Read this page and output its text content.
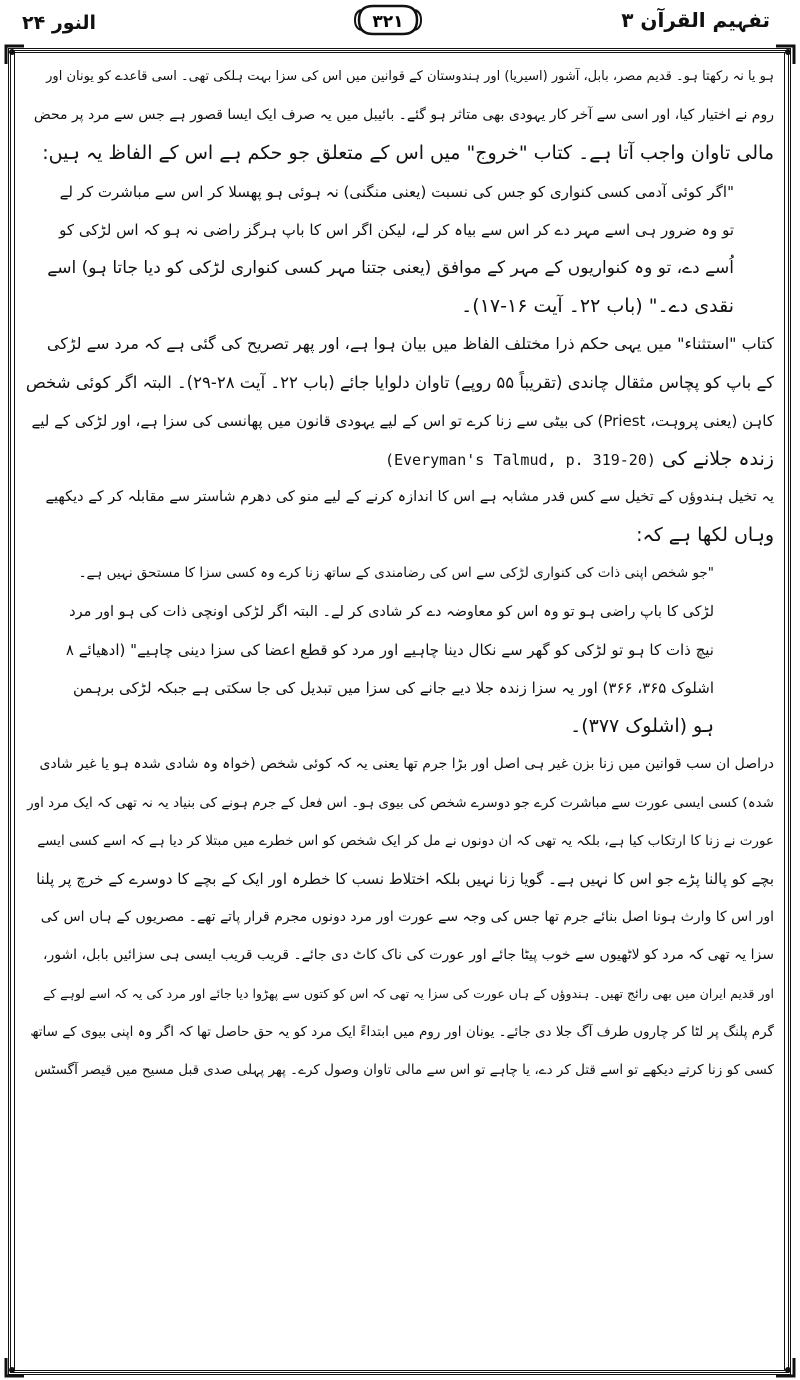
النور ۲۴	۳۲۱	تفہیم القرآن ۳
ہو یا نہ رکھتا ہو۔ قدیم مصر، بابل، آشور (اسیریا) اور ہندوستان کے قوانین میں اس کی سزا بہت ہلکی تھی۔ اسی قاعدے کو یونان اور
روم نے اختیار کیا، اور اسی سے آخر کار یہودی بھی متاثر ہو گئے۔ بائیبل میں یہ صرف ایک ایسا قصور ہے جس سے مرد پر محض
مالی تاوان واجب آتا ہے۔ کتاب "خروج" میں اس کے متعلق جو حکم ہے اس کے الفاظ یہ ہیں:
"اگر کوئی آدمی کسی کنواری کو جس کی نسبت (یعنی منگنی) نہ ہوئی ہو پھسلا کر اس سے مباشرت کر لے
تو وہ ضرور ہی اسے مہر دے کر اس سے بیاہ کر لے، لیکن اگر اس کا باپ ہرگز راضی نہ ہو کہ اس لڑکی کو
اُسے دے، تو وہ کنواریوں کے مہر کے موافق (یعنی جتنا مہر کسی کنواری لڑکی کو دیا جاتا ہو) اسے
نقدی دے۔" (باب ۲۲۔ آیت ۱۶-۱۷)۔
کتاب "استثناء" میں یہی حکم ذرا مختلف الفاظ میں بیان ہوا ہے، اور پھر تصریح کی گئی ہے کہ مرد سے لڑکی
کے باپ کو پچاس مثقال چاندی (تقریباً ۵۵ روپے) تاوان دلوایا جائے (باب ۲۲۔ آیت ۲۸-۲۹)۔ البتہ اگر کوئی شخص
کاہن (یعنی پروہت، Priest) کی بیٹی سے زنا کرے تو اس کے لیے یہودی قانون میں پھانسی کی سزا ہے، اور لڑکی کے لیے
زندہ جلانے کی (Everyman's Talmud, p. 319-20)
یہ تخیل ہندوؤں کے تخیل سے کس قدر مشابہ ہے اس کا اندازہ کرنے کے لیے منو کی دھرم شاستر سے مقابلہ کر کے دیکھیے
وہاں لکھا ہے کہ:
"جو شخص اپنی ذات کی کنواری لڑکی سے اس کی رضامندی کے ساتھ زنا کرے وہ کسی سزا کا مستحق نہیں ہے۔
لڑکی کا باپ راضی ہو تو وہ اس کو معاوضہ دے کر شادی کر لے۔ البتہ اگر لڑکی اونچی ذات کی ہو اور مرد
نیچ ذات کا ہو تو لڑکی کو گھر سے نکال دینا چاہیے اور مرد کو قطع اعضا کی سزا دینی چاہیے" (ادھیائے ۸
اشلوک ۳۶۵، ۳۶۶) اور یہ سزا زندہ جلا دیے جانے کی سزا میں تبدیل کی جا سکتی ہے جبکہ لڑکی برہمن
ہو (اشلوک ۳۷۷)۔
دراصل ان سب قوانین میں زنا بزن غیر ہی اصل اور بڑا جرم تھا یعنی یہ کہ کوئی شخص (خواہ وہ شادی شدہ ہو یا غیر شادی
شدہ) کسی ایسی عورت سے مباشرت کرے جو دوسرے شخص کی بیوی ہو۔ اس فعل کے جرم ہونے کی بنیاد یہ نہ تھی کہ ایک مرد اور
عورت نے زنا کا ارتکاب کیا ہے، بلکہ یہ تھی کہ ان دونوں نے مل کر ایک شخص کو اس خطرے میں مبتلا کر دیا ہے کہ اسے کسی ایسے
بچے کو پالنا پڑے جو اس کا نہیں ہے۔ گویا زنا نہیں بلکہ اختلاط نسب کا خطرہ اور ایک کے بچے کا دوسرے کے خرچ پر پلنا
اور اس کا وارث ہونا اصل بنائے جرم تھا جس کی وجہ سے عورت اور مرد دونوں مجرم قرار پاتے تھے۔ مصریوں کے ہاں اس کی
سزا یہ تھی کہ مرد کو لاٹھیوں سے خوب پیٹا جائے اور عورت کی ناک کاٹ دی جائے۔ قریب قریب ایسی ہی سزائیں بابل، اشور،
اور قدیم ایران میں بھی رائج تھیں۔ ہندوؤں کے ہاں عورت کی سزا یہ تھی کہ اس کو کتوں سے پھڑوا دیا جائے اور مرد کی یہ کہ اسے لوہے کے
گرم پلنگ پر لٹا کر چاروں طرف آگ جلا دی جائے۔ یونان اور روم میں ابتداءً ایک مرد کو یہ حق حاصل تھا کہ اگر وہ اپنی بیوی کے ساتھ
کسی کو زنا کرتے دیکھے تو اسے قتل کر دے، یا چاہے تو اس سے مالی تاوان وصول کرے۔ پھر پہلی صدی قبل مسیح میں قیصر آگسٹس
